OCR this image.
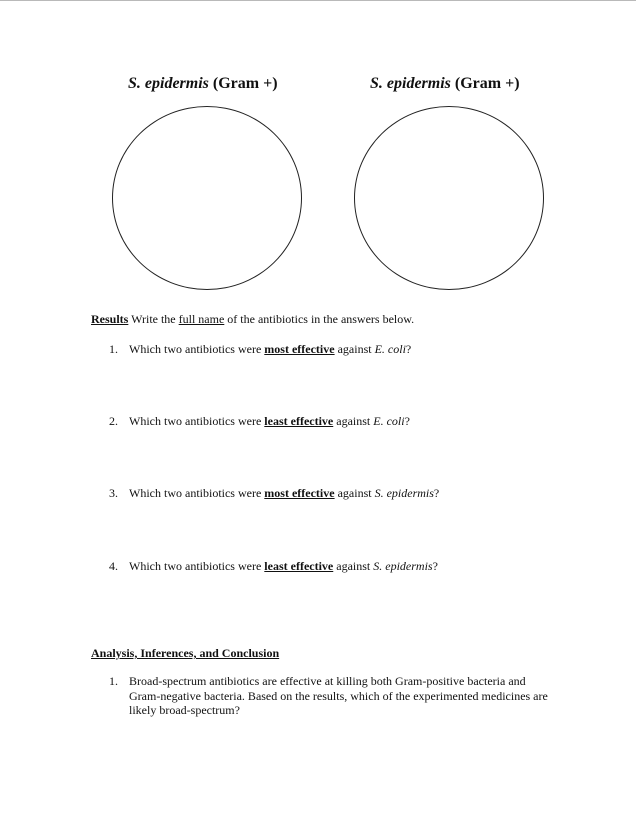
S. epidermis (Gram +)	S. epidermis (Gram +)
Results Write the full name of the antibiotics in the answers below.
1. Which two antibiotics were most effective against E. coli?
2. Which two antibiotics were least effective against E. coli?
3. Which two antibiotics were most effective against S. epidermis?
4. Which two antibiotics were least effective against S. epidermis?
Analysis, Inferences, and Conclusion
1. Broad-spectrum antibiotics are effective at killing both Gram-positive bacteria and Gram-negative bacteria. Based on the results, which of the experimented medicines are likely broad-spectrum?
